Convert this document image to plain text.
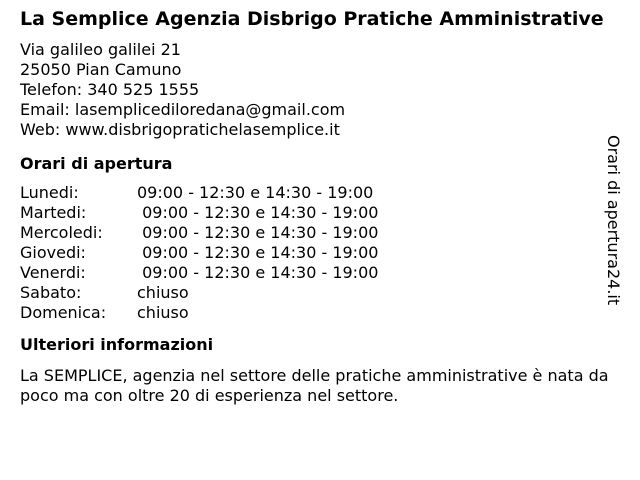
La Semplice Agenzia Disbrigo Pratiche Amministrative
Via galileo galilei 21
25050 Pian Camuno
Telefon: 340 525 1555
Email: lasemplicediloredana@gmail.com
Web: www.disbrigopratichelasemplice.it
Orari di apertura
Lunedi:	09:00 - 12:30 e 14:30 - 19:00
Martedi:	09:00 - 12:30 e 14:30 - 19:00
Mercoledi:	09:00 - 12:30 e 14:30 - 19:00
Giovedi:	09:00 - 12:30 e 14:30 - 19:00
Venerdi:	09:00 - 12:30 e 14:30 - 19:00
Sabato:	chiuso
Domenica:	chiuso
Ulteriori informazioni
La SEMPLICE, agenzia nel settore delle pratiche amministrative è nata da poco ma con oltre 20 di esperienza nel settore.
Orari di apertura24.it
